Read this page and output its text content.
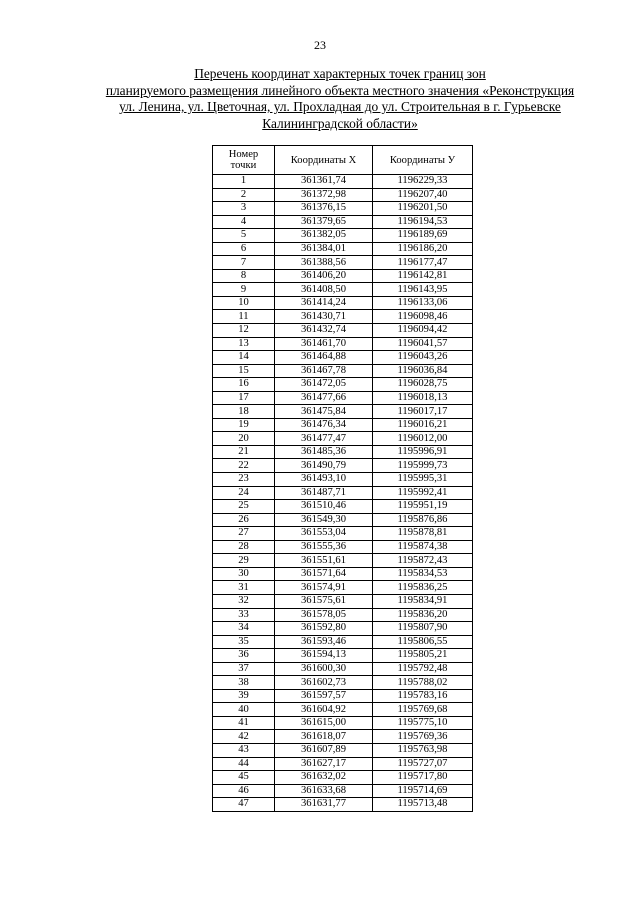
23
Перечень координат характерных точек границ зон
планируемого размещения линейного объекта местного значения «Реконструкция
ул. Ленина, ул. Цветочная, ул. Прохладная до ул. Строительная в г. Гурьевске
Калининградской области»
Номер
точки	Координаты X	Координаты У
1	361361,74	1196229,33
2	361372,98	1196207,40
3	361376,15	1196201,50
4	361379,65	1196194,53
5	361382,05	1196189,69
6	361384,01	1196186,20
7	361388,56	1196177,47
8	361406,20	1196142,81
9	361408,50	1196143,95
10	361414,24	1196133,06
11	361430,71	1196098,46
12	361432,74	1196094,42
13	361461,70	1196041,57
14	361464,88	1196043,26
15	361467,78	1196036,84
16	361472,05	1196028,75
17	361477,66	1196018,13
18	361475,84	1196017,17
19	361476,34	1196016,21
20	361477,47	1196012,00
21	361485,36	1195996,91
22	361490,79	1195999,73
23	361493,10	1195995,31
24	361487,71	1195992,41
25	361510,46	1195951,19
26	361549,30	1195876,86
27	361553,04	1195878,81
28	361555,36	1195874,38
29	361551,61	1195872,43
30	361571,64	1195834,53
31	361574,91	1195836,25
32	361575,61	1195834,91
33	361578,05	1195836,20
34	361592,80	1195807,90
35	361593,46	1195806,55
36	361594,13	1195805,21
37	361600,30	1195792,48
38	361602,73	1195788,02
39	361597,57	1195783,16
40	361604,92	1195769,68
41	361615,00	1195775,10
42	361618,07	1195769,36
43	361607,89	1195763,98
44	361627,17	1195727,07
45	361632,02	1195717,80
46	361633,68	1195714,69
47	361631,77	1195713,48
